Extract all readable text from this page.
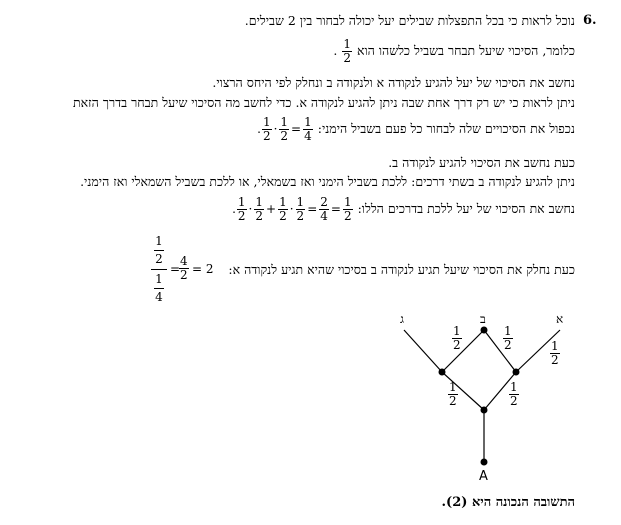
6.
נוכל לראות כי בכל התפצלות שבילים יעל יכולה לבחור בין 2 שבילים.
כלומר, הסיכוי שיעל תבחר בשביל כלשהו הוא
$\frac{1}{2}$
.
נחשב את הסיכוי של יעל להגיע לנקודה א ולנקודה ב ונחלק לפי היחס הרצוי.
ניתן לראות כי יש רק דרך אחת שבה ניתן להגיע לנקודה א. כדי לחשב מה הסיכוי שיעל תבחר בדרך הזאת
נכפול את הסיכויים שלה לבחור כל פעם בשביל הימני:
. $\frac{1}{2} \cdot \frac{1}{2} = \frac{1}{4}$
כעת נחשב את הסיכוי להגיע לנקודה ב.
ניתן להגיע לנקודה ב בשתי דרכים: ללכת בשביל הימני ואז בשמאלי, או ללכת בשביל השמאלי ואז הימני.
נחשב את הסיכוי של יעל ללכת בדרכים הללו:
. $\frac{1}{2} \cdot \frac{1}{2} + \frac{1}{2} \cdot \frac{1}{2} = \frac{2}{4} = \frac{1}{2}$
כעת נחלק את הסיכוי שיעל תגיע לנקודה ב בסיכוי שהיא תגיע לנקודה א:
1
2
1
4
=
$\frac{4}{2} = 2$
ג	ב	א
A
$\frac{1}{2}$	$\frac{1}{2}$
$\frac{1}{2}$
$\frac{1}{2}$	$\frac{1}{2}$
התשובה הנכונה היא (2).
